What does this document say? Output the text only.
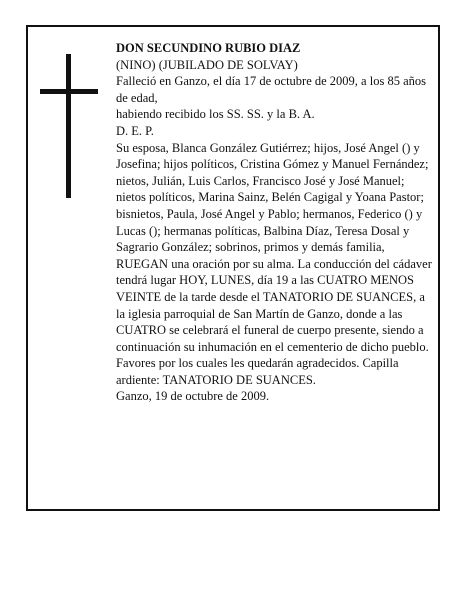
DON SECUNDINO RUBIO DIAZ

(NINO) (JUBILADO DE SOLVAY)

Falleció en Ganzo, el día 17 de octubre de 2009, a los 85 años de edad,

habiendo recibido los SS. SS. y la B. A.

D. E. P.

Su esposa, Blanca González Gutiérrez; hijos, José Angel () y Josefina; hijos políticos, Cristina Gómez y Manuel Fernández; nietos, Julián, Luis Carlos, Francisco José y José Manuel; nietos políticos, Marina Sainz, Belén Cagigal y Yoana Pastor; bisnietos, Paula, José Angel y Pablo; hermanos, Federico () y Lucas (); hermanas políticas, Balbina Díaz, Teresa Dosal y Sagrario González; sobrinos, primos y demás familia, RUEGAN una oración por su alma. La conducción del cádaver tendrá lugar HOY, LUNES, día 19 a las CUATRO MENOS VEINTE de la tarde desde el TANATORIO DE SUANCES, a la iglesia parroquial de San Martín de Ganzo, donde a las CUATRO se celebrará el funeral de cuerpo presente, siendo a continuación su inhumación en el cementerio de dicho pueblo. Favores por los cuales les quedarán agradecidos. Capilla ardiente: TANATORIO DE SUANCES.

Ganzo, 19 de octubre de 2009.
